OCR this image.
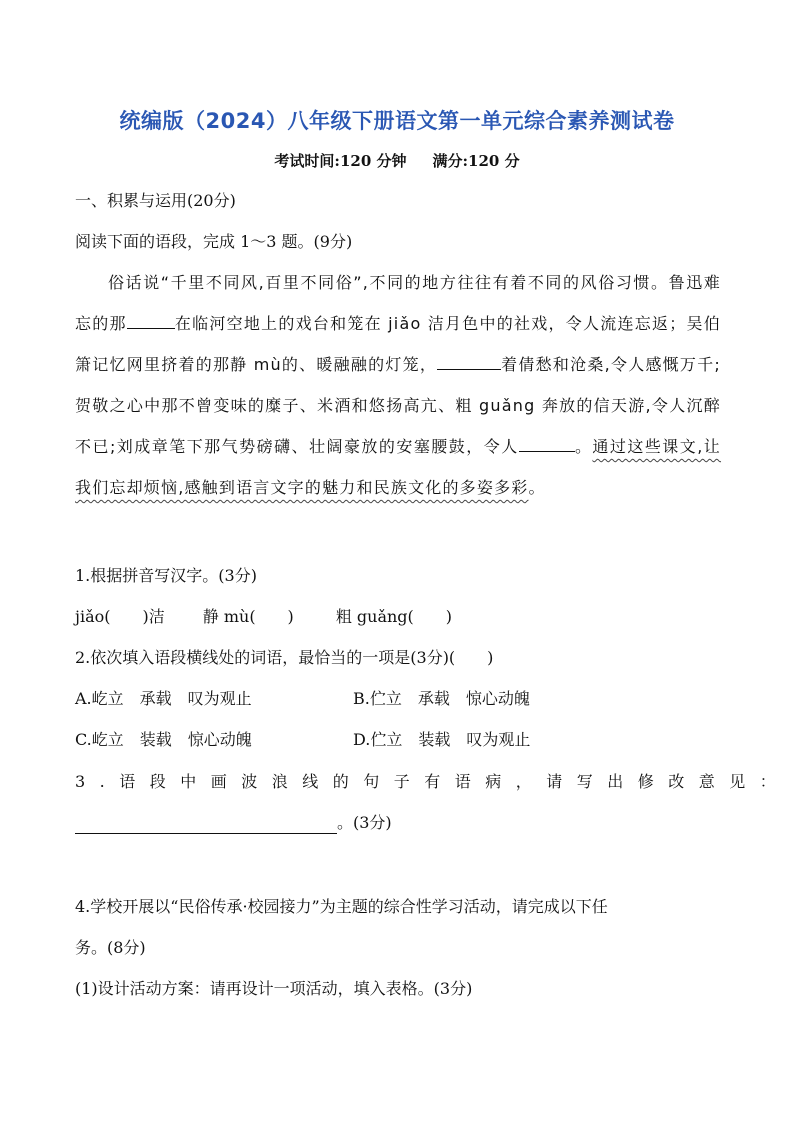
统编版（2024）八年级下册语文第一单元综合素养测试卷
考试时间:120 分钟 满分:120 分
一、积累与运用(20分)
阅读下面的语段，完成 1～3 题。(9分)
俗话说“千里不同风,百里不同俗”,不同的地方往往有着不同的风俗习惯。鲁迅难忘的那	在临河空地上的戏台和笼在 jiǎo 洁月色中的社戏，令人流连忘返；吴伯箫记忆网里挤着的那静 mù的、暖融融的灯笼，	着倩愁和沧桑,令人感慨万千;贺敬之心中那不曾变味的糜子、米酒和悠扬高亢、粗 guǎng 奔放的信天游,令人沉醉不已;刘成章笔下那气势磅礴、壮阔豪放的安塞腰鼓，令人	。通过这些课文,让我们忘却烦恼,感触到语言文字的魅力和民族文化的多姿多彩。
1.根据拼音写汉字。(3分)
jiǎo(　　)洁 静 mù(　　)	粗 guǎng(　　)
2.依次填入语段横线处的词语，最恰当的一项是(3分)(　　)
A.屹立　承载　叹为观止	B.伫立　承载　惊心动魄
C.屹立　装载　惊心动魄	D.伫立　装载　叹为观止
3.语段中画波浪线的句子有语病，请写出修改意见：
。(3分)
4.学校开展以“民俗传承·校园接力”为主题的综合性学习活动，请完成以下任
务。(8分)
(1)设计活动方案：请再设计一项活动，填入表格。(3分)
